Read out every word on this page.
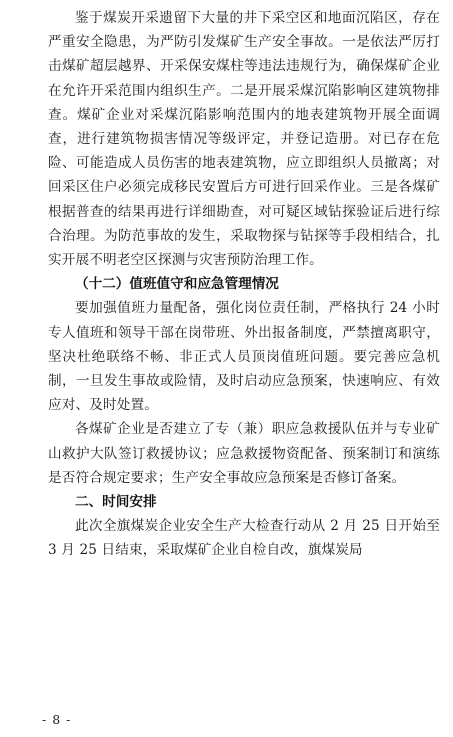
鉴于煤炭开采遗留下大量的井下采空区和地面沉陷区，存在严重安全隐患，为严防引发煤矿生产安全事故。一是依法严厉打击煤矿超层越界、开采保安煤柱等违法违规行为，确保煤矿企业在允许开采范围内组织生产。二是开展采煤沉陷影响区建筑物排查。煤矿企业对采煤沉陷影响范围内的地表建筑物开展全面调查，进行建筑物损害情况等级评定，并登记造册。对已存在危险、可能造成人员伤害的地表建筑物，应立即组织人员撤离；对回采区住户必须完成移民安置后方可进行回采作业。三是各煤矿根据普查的结果再进行详细勘查，对可疑区域钻探验证后进行综合治理。为防范事故的发生，采取物探与钻探等手段相结合，扎实开展不明老空区探测与灾害预防治理工作。

（十二）值班值守和应急管理情况

要加强值班力量配备，强化岗位责任制，严格执行 24 小时专人值班和领导干部在岗带班、外出报备制度，严禁擅离职守，坚决杜绝联络不畅、非正式人员顶岗值班问题。要完善应急机制，一旦发生事故或险情，及时启动应急预案，快速响应、有效应对、及时处置。

各煤矿企业是否建立了专（兼）职应急救援队伍并与专业矿山救护大队签订救援协议；应急救援物资配备、预案制订和演练是否符合规定要求；生产安全事故应急预案是否修订备案。

二、时间安排

此次全旗煤炭企业安全生产大检查行动从 2 月 25 日开始至 3 月 25 日结束，采取煤矿企业自检自改，旗煤炭局

- 8 -
